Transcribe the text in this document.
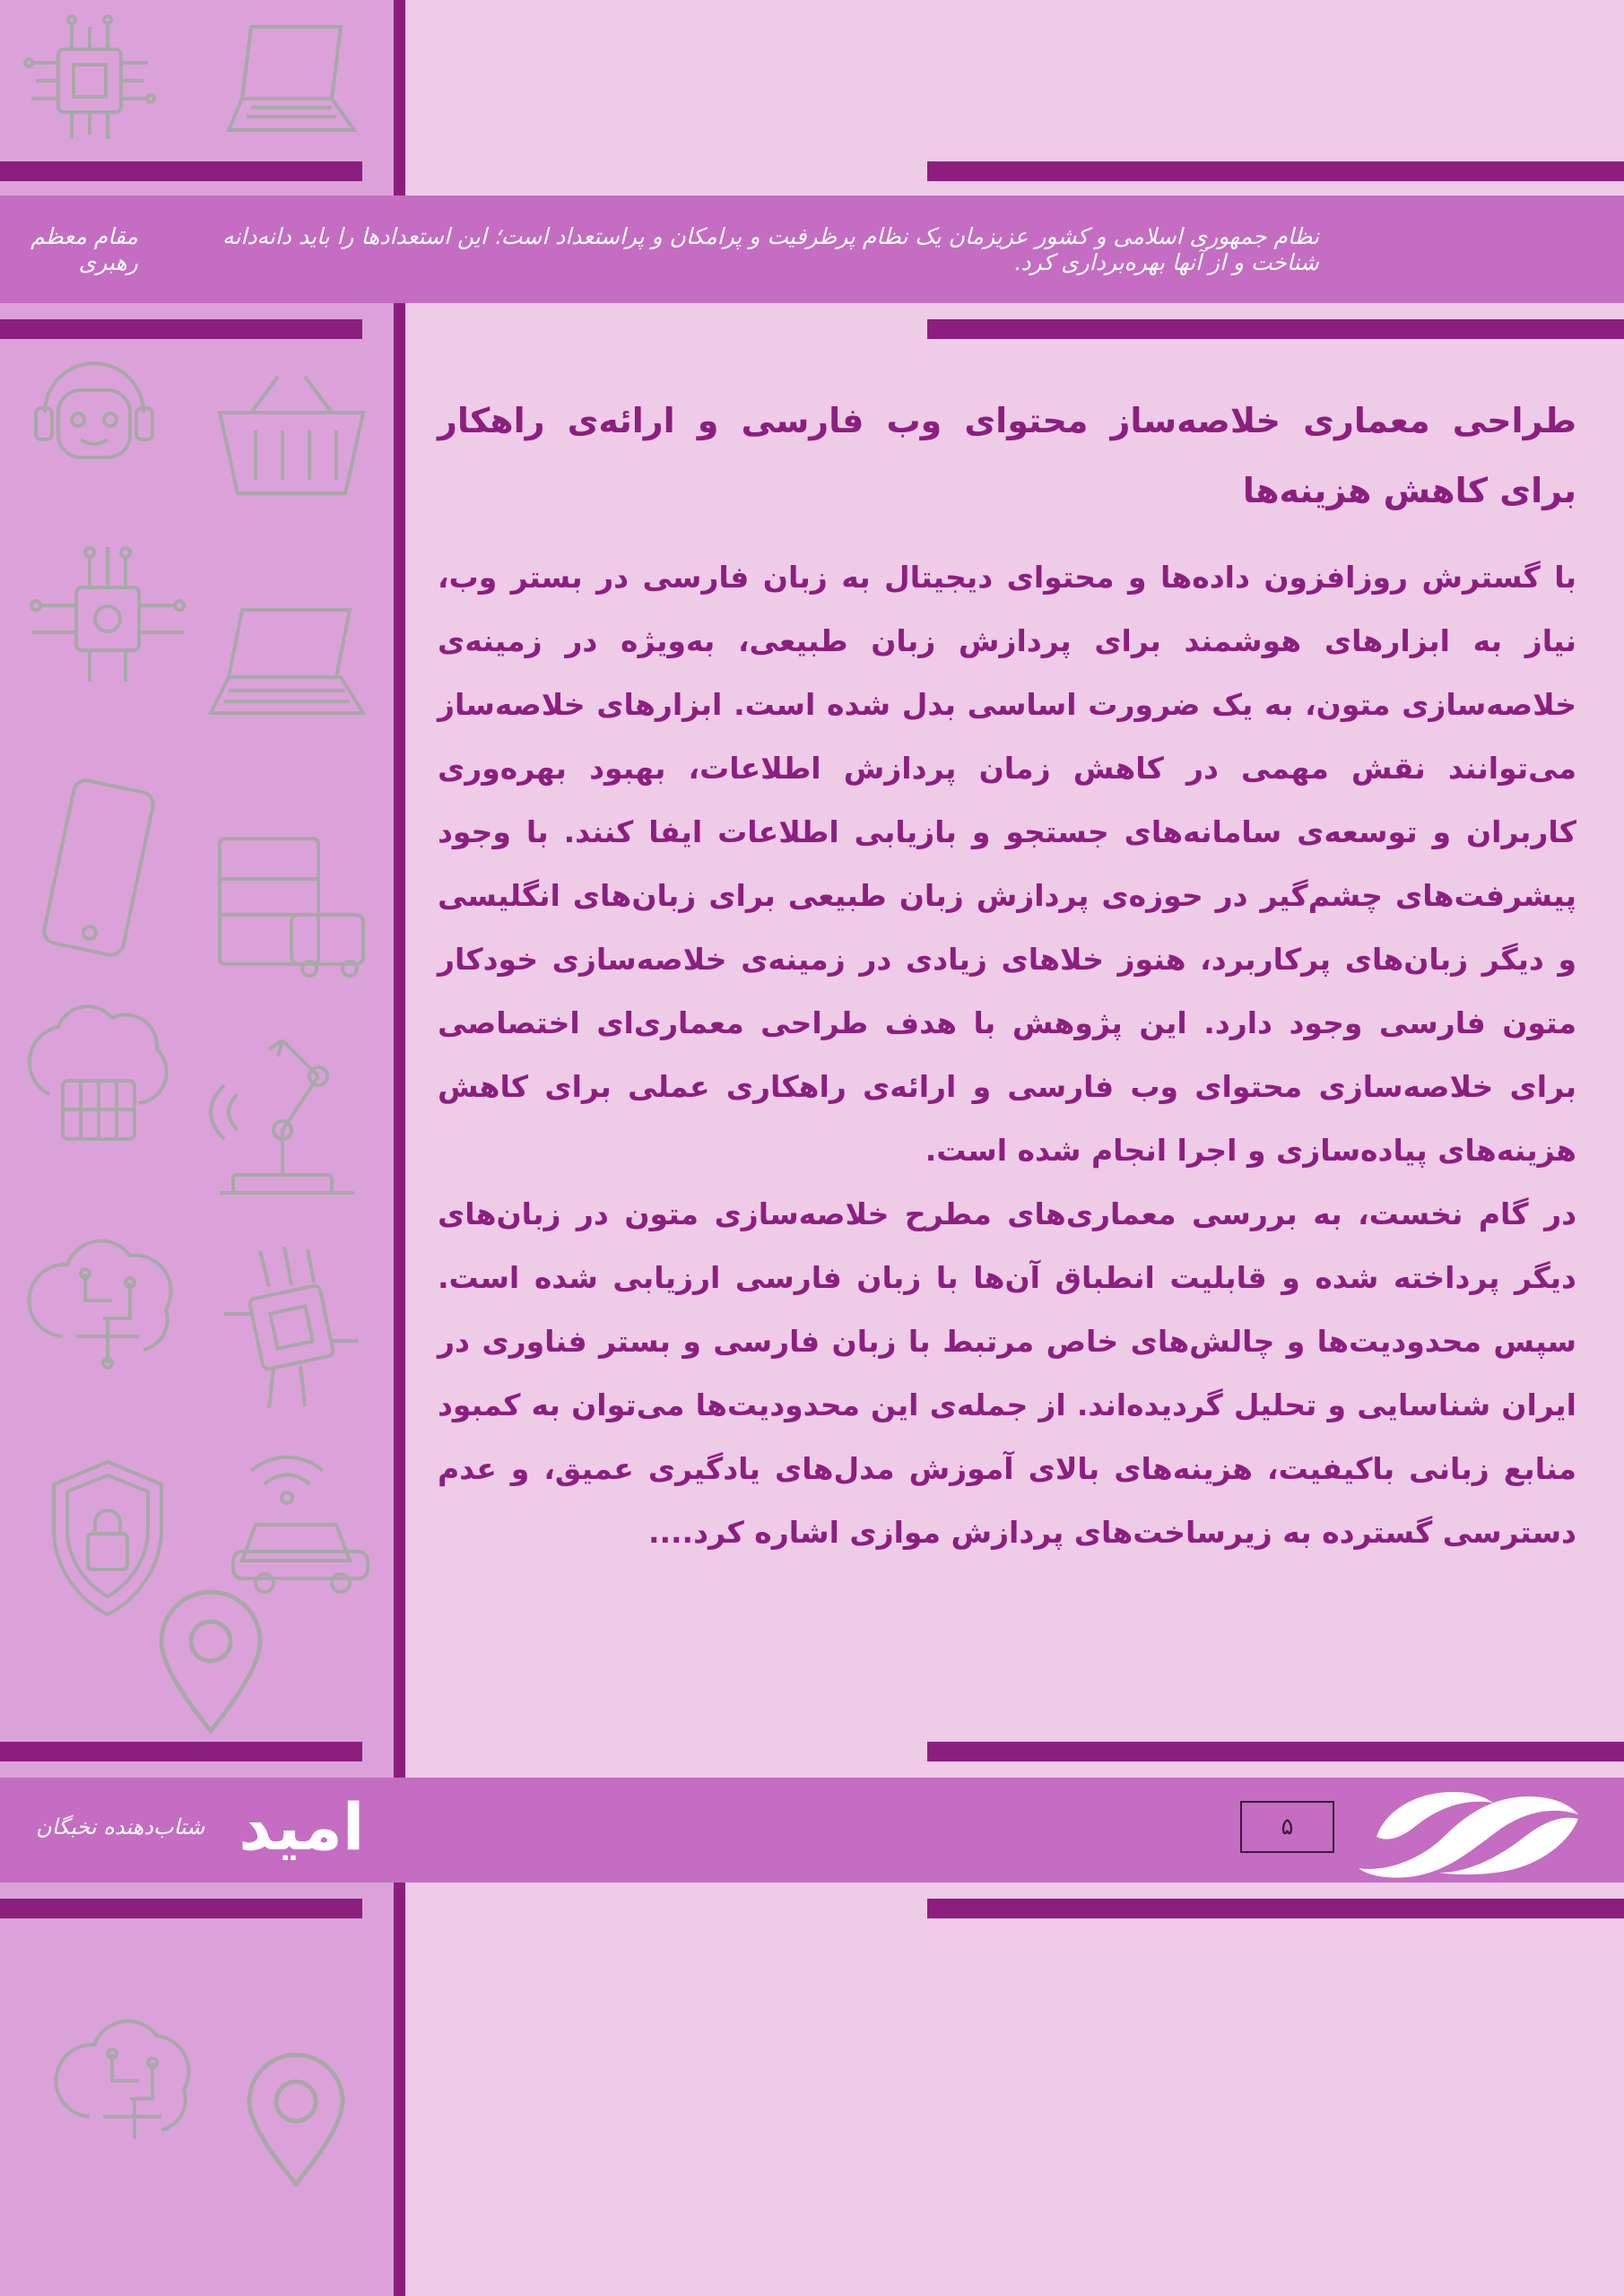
نظام جمهوری اسلامی و کشور عزیزمان یک نظام پرظرفیت و پرامکان و پراستعداد است؛ این استعدادها را باید دانه‌دانه شناخت و از آنها بهره‌برداری کرد.
مقام معظم رهبری
طراحی معماری خلاصه‌ساز محتوای وب فارسی و ارائه‌ی راهکار برای کاهش هزینه‌ها

با گسترش روزافزون داده‌ها و محتوای دیجیتال به زبان فارسی در بستر وب، نیاز به ابزارهای هوشمند برای پردازش زبان طبیعی، به‌ویژه در زمینه‌ی خلاصه‌سازی متون، به یک ضرورت اساسی بدل شده است. ابزارهای خلاصه‌ساز می‌توانند نقش مهمی در کاهش زمان پردازش اطلاعات، بهبود بهره‌وری کاربران و توسعه‌ی سامانه‌های جستجو و بازیابی اطلاعات ایفا کنند. با وجود پیشرفت‌های چشم‌گیر در حوزه‌ی پردازش زبان طبیعی برای زبان‌های انگلیسی و دیگر زبان‌های پرکاربرد، هنوز خلاهای زیادی در زمینه‌ی خلاصه‌سازی خودکار متون فارسی وجود دارد. این پژوهش با هدف طراحی معماری‌ای اختصاصی برای خلاصه‌سازی محتوای وب فارسی و ارائه‌ی راهکاری عملی برای کاهش هزینه‌های پیاده‌سازی و اجرا انجام شده است.

در گام نخست، به بررسی معماری‌های مطرح خلاصه‌سازی متون در زبان‌های دیگر پرداخته شده و قابلیت انطباق آن‌ها با زبان فارسی ارزیابی شده است. سپس محدودیت‌ها و چالش‌های خاص مرتبط با زبان فارسی و بستر فناوری در ایران شناسایی و تحلیل گردیده‌اند. از جمله‌ی این محدودیت‌ها می‌توان به کمبود منابع زبانی باکیفیت، هزینه‌های بالای آموزش مدل‌های یادگیری عمیق، و عدم دسترسی گسترده به زیرساخت‌های پردازش موازی اشاره کرد....

امید
شتاب‌دهنده نخبگان	۵
